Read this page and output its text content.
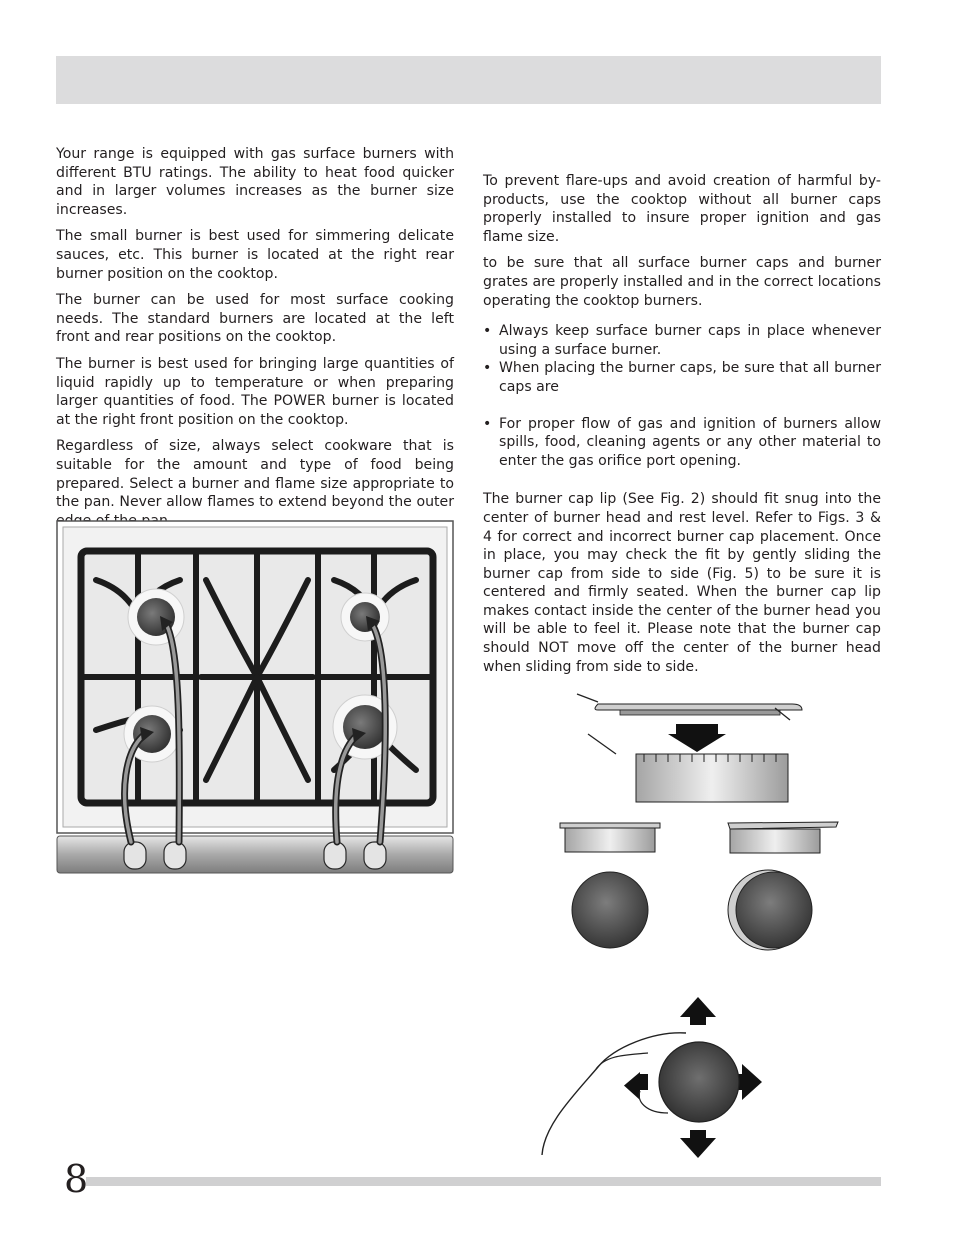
Your range is equipped with gas surface burners with different BTU ratings. The ability to heat food quicker and in larger volumes increases as the burner size increases.

The small burner is best used for simmering delicate sauces, etc. This burner is located at the right rear burner position on the cooktop.

The burner can be used for most surface cooking needs. The standard burners are located at the left front and rear positions on the cooktop.

The burner is best used for bringing large quantities of liquid rapidly up to temperature or when preparing larger quantities of food. The POWER burner is located at the right front position on the cooktop.

Regardless of size, always select cookware that is suitable for the amount and type of food being prepared. Select a burner and flame size appropriate to the pan. Never allow flames to extend beyond the outer

To prevent flare-ups and avoid creation of harmful by-products, use the cooktop without all burner caps properly installed to insure proper ignition and gas flame size.

to be sure that all surface burner caps and burner grates are properly installed and in the correct locations operating the cooktop burners.

• Always keep surface burner caps in place whenever using a surface burner.
• When placing the burner caps, be sure that all burner caps are
• For proper flow of gas and ignition of burners allow spills, food, cleaning agents or any other material to enter the gas orifice port opening.

The burner cap lip (See Fig. 2) should fit snug into the center of burner head and rest level. Refer to Figs. 3 & 4 for correct and incorrect burner cap placement. Once in place, you may check the fit by gently sliding the burner cap from side to side (Fig. 5) to be sure it is centered and firmly seated. When the burner cap lip makes contact inside the center of the burner head you will be able to feel it. Please note that the burner cap should NOT move off the center of the burner head when sliding from side to side.

8
